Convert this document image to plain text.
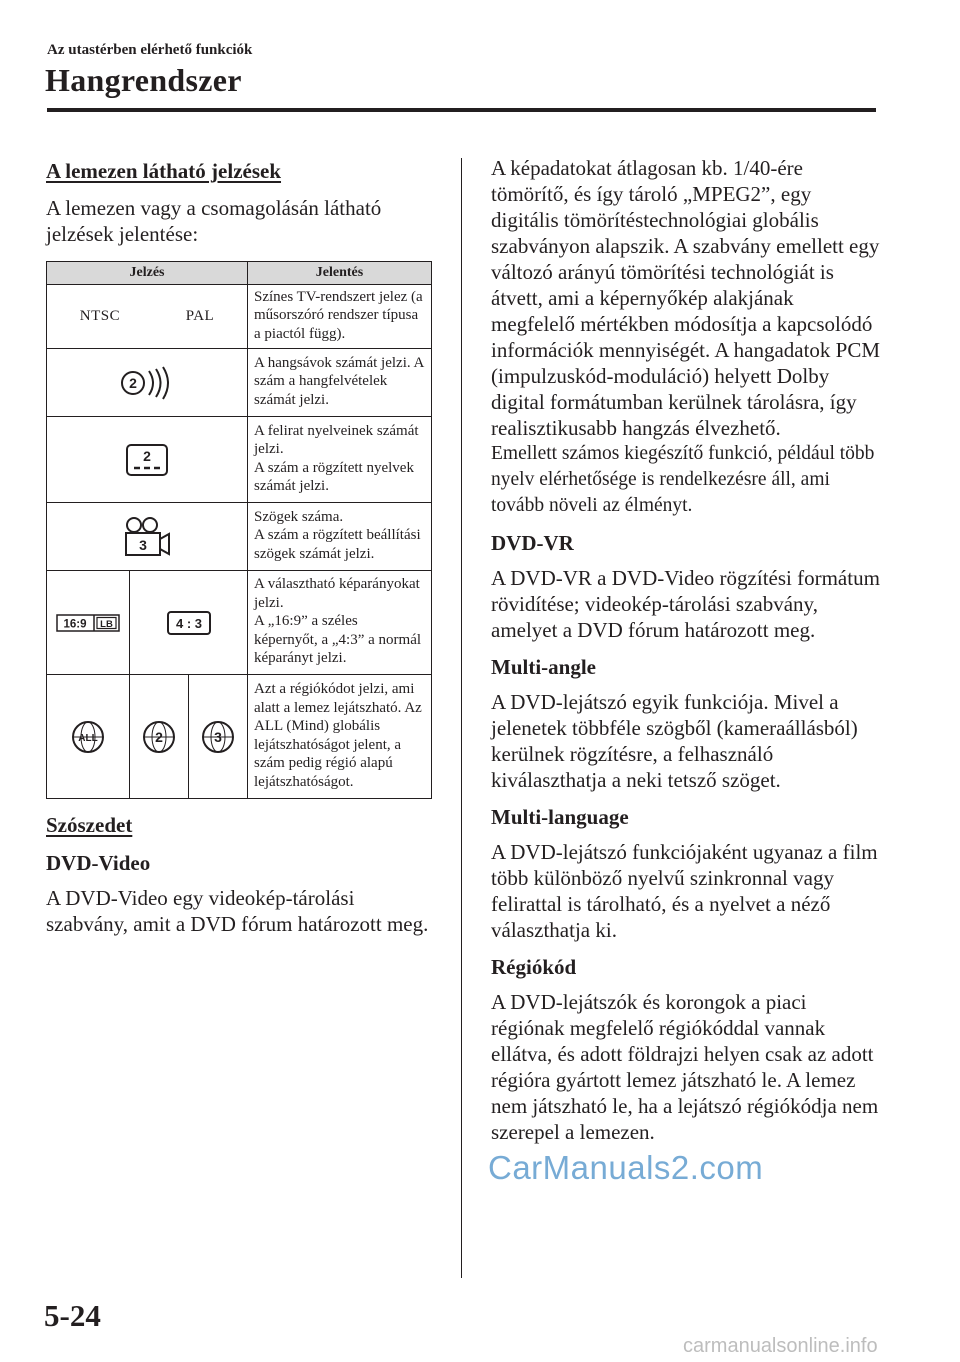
Az utastérben elérhető funkciók
Hangrendszer
A lemezen látható jelzések

A lemezen vagy a csomagolásán látható jelzések jelentése:

Jelzés			Jelentés

NTSC PAL			Színes TV-rendszert jelez (a műsorszóró rendszer típusa a piactól függ).

2			A hangsávok számát jelzi. A szám a hangfelvételek számát jelzi.

2			A felirat nyelveinek számát jelzi.
A szám a rögzített nyelvek számát jelzi.

3			Szögek száma.
A szám a rögzített beállítási szögek számát jelzi.

16:9 LB	4 : 3		A választható képarányokat jelzi.
A „16:9” a széles képernyőt, a „4:3” a normál képarányt jelzi.

ALL	2	3	Azt a régiókódot jelzi, ami alatt a lemez lejátszható. Az ALL (Mind) globális lejátszhatóságot jelent, a szám pedig régió alapú lejátszhatóságot.
Szószedet

DVD-Video

A DVD-Video egy videokép-tárolási szabvány, amit a DVD fórum határozott meg.

A képadatokat átlagosan kb. 1/40-ére tömörítő, és így tároló „MPEG2”, egy digitális tömörítéstechnológiai globális szabványon alapszik. A szabvány emellett egy változó arányú tömörítési technológiát is átvett, ami a képernyőkép alakjának megfelelő mértékben módosítja a kapcsolódó információk mennyiségét. A hangadatok PCM (impulzuskód-moduláció) helyett Dolby digital formátumban kerülnek tárolásra, így realisztikusabb hangzás élvezhető.

Emellett számos kiegészítő funkció, például több nyelv elérhetősége is rendelkezésre áll, ami tovább növeli az élményt.

DVD-VR

A DVD-VR a DVD-Video rögzítési formátum rövidítése; videokép-tárolási szabvány, amelyet a DVD fórum határozott meg.

Multi-angle

A DVD-lejátszó egyik funkciója. Mivel a jelenetek többféle szögből (kameraállásból) kerülnek rögzítésre, a felhasználó kiválaszthatja a neki tetsző szöget.

Multi-language

A DVD-lejátszó funkciójaként ugyanaz a film több különböző nyelvű szinkronnal vagy felirattal is tárolható, és a nyelvet a néző választhatja ki.

Régiókód

A DVD-lejátszók és korongok a piaci régiónak megfelelő régiókóddal vannak ellátva, és adott földrajzi helyen csak az adott régióra gyártott lemez játszható le. A lemez nem játszható le, ha a lejátszó régiókódja nem szerepel a lemezen.

5-24
CarManuals2.com
carmanualsonline.info
